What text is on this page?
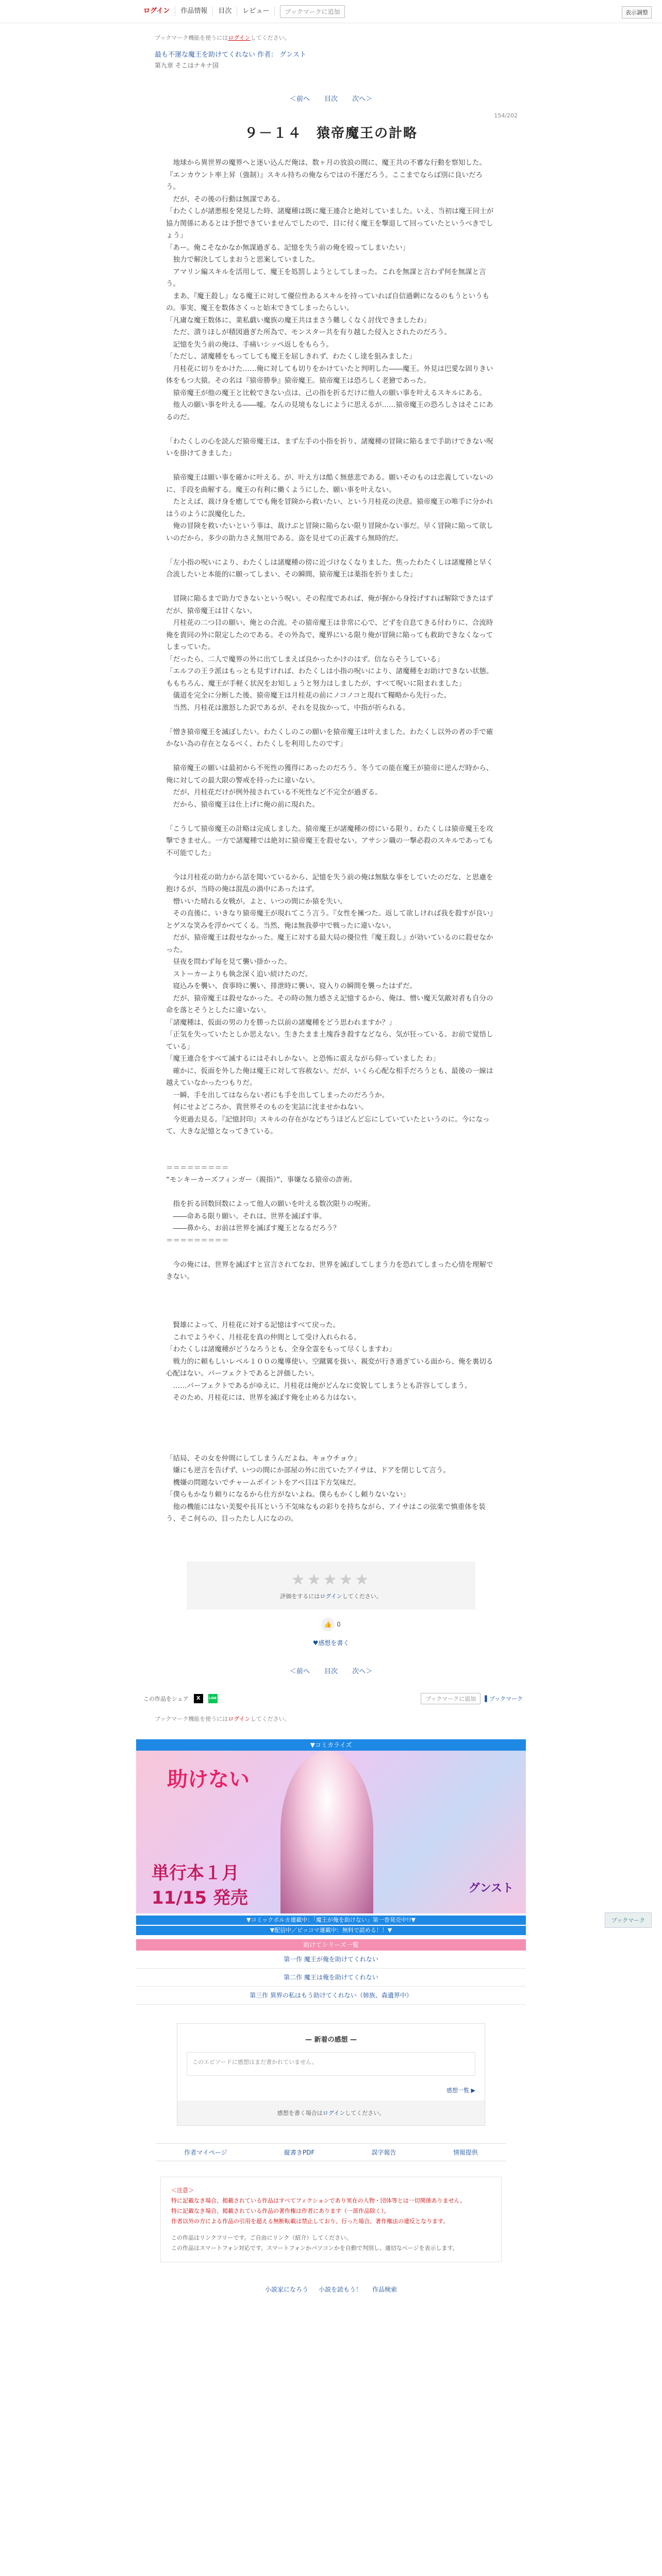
ログイン	作品情報	目次	レビュー	ブックマークに追加	表示調整
ブックマーク機能を使うにはログインしてください。
最も不運な魔王を助けてくれない 作者： グンスト
第九章 そこはナキナ国
＜前へ 目次 次へ＞
154/202
９－１４　猿帝魔王の計略

　地球から異世界の魔界へと迷い込んだ俺は、数ヶ月の放浪の間に、魔王共の不審な行動を察知した。『エンカウント率上昇（強制）』スキル持ちの俺ならではの不運だろう。ここまでならば別に良いだろう。

　だが、その後の行動は無謀である。

「わたくしが諸悪根を発見した時、諸魔種は既に魔王連合と絶対していました。いえ、当初は魔王同士が協力関係にあるとは予想できていませんでしたので、目に付く魔王を撃退して回っていたというべきでしょう」

「あー。俺こそなかなか無謀過ぎる。記憶を失う前の俺を殴ってしまいたい」

　独力で解決してしまおうと思案していました。

　アマリン編スキルを活用して、魔王を処罰しようとしてしまった。これを無謀と言わず何を無謀と言う。

　まあ、『魔王殺し』なる魔王に対して優位性あるスキルを持っていれば自信過剰になるのもうというもの。事実、魔王を数体さくっと始末できてしまったらしい。

「凡庸な魔王数体に、業私戯い魔族の魔王共はまさう難しくなく討伐できましたわ」

　ただ、潰りほしが積図過ぎた所為で、モンスター共を有り越した侵入とされたのだろう。

　記憶を失う前の俺は、手痛いシッペ返しをもらう。

「ただし、諸魔種をもってしても魔王を屈しきれず、わたくし達を狙みました」

　月桂花に切りをかけた……俺に対しても切りをかけていたと判明した――魔王。外見は巴愛な固りきい体をもつ大猿。その名は『猿帝勝拳』猿帝魔王。猿帝魔王は恐ろしく老獪であった。

　猿帝魔王が他の魔王と比較できない点は、己の指を折るだけに他人の願い事を叶えるスキルにある。

　他人の願い事を叶える――嘘。なんの見境もなしにように思えるが……猿帝魔王の恐ろしさはそこにあるのだ。

「わたくしの心を読んだ猿帝魔王は、まず左手の小指を折り、諸魔種の冒険に陥るまで手助けできない呪いを掛けてきました」

　猿帝魔王は願い事を確かに叶える。が、叶え方は酷く無慈悲である。願いそのものは忠義していないのに、手段を曲解する。魔王の有利に働くようにした、願い事を叶えない。

　たとえば、裁け身を癒してでも俺を冒険から救いたい、という月桂花の決意。猿帝魔王の唯手に分かれはうのように誤魔化した。

　俺の冒険を救いたいという事は、裁けぶと冒険に陥らない限り冒険かない事だ。早く冒険に陥って欲しいのだから、多少の助力さえ無用である。盗を見せての正義すら無時的だ。

「左小指の呪いにより、わたくしは諸魔種の傍に近づけなくなりました。焦ったわたくしは諸魔種と早く合流したいと本能的に願ってしまい、その瞬間、猿帝魔王は薬指を折りました」

　冒険に陥るまで助力できないという呪い。その程度であれば、俺が握から身投げすれば解除できたはずだが、猿帝魔王は甘くない。

　月桂花の二つ目の願い、俺との合流。その猿帝魔王は非常に心で、どずを自息てきる付わりに、合流時俺を貴同の外に限定したのである。その外為で、魔界にいる限り俺が冒険に陥っても救助できなくなってしまっていた。

「だったら、二人で魔界の外に出てしまえば良かったかけのはず。信ならそうしている」

「エルフの王ラ派はもっとも見すければ、わたくしは小指の呪いにより、諸魔種をお助けできない状態。ももちろん、魔王が手軽く状況をお知しょうと努力はしましたが、すべて呪いに阻まれました」

　儀道を完全に分断した後、猿帝魔王は月桂花の前にノコノコと現れて糧略から先行った。

　当然、月桂花は激怒した訳であるが、それを見抜かって、中指が折られる。

「憎き猿帝魔王を滅ぼしたい。わたくしのこの願いを猿帝魔王は叶えました。わたくし以外の者の手で確かない為の存在となるべく、わたくしを利用したのです」

　猿帝魔王の願いは最初から不死性の獲得にあったのだろう。冬うての能在魔王が猿帝に逆んだ時から、俺に対しての最大限の警戒を持ったに違いない。

　だが、月桂花だけが例外接されている不死性など不完全が過ぎる。

　だから、猿帝魔王は仕上げに俺の前に現れた。

「こうして猿帝魔王の計略は完成しました。猿帝魔王が諸魔種の傍にいる限り、わたくしは猿帝魔王を攻撃できません。一方で諸魔種では絶対に猿帝魔王を殺せない。アサシン職の一撃必殺のスキルであっても不可能でした」

　今は月桂花の助力から話を聞いているから、記憶を失う前の俺は無駄な事をしていたのだな、と思慮を抱けるが、当時の俺は混乱の渦中にあったはず。

　憎いいた晴れる女戦が。よと、いつの間にか猿を失い。

　その直後に、いきなり猿帝魔王が現れてこう言う。『女性を擁つた。返して欲しければ我を殺すが良い』とゲスな笑みを浮かべてくる。当然、俺は無我夢中で戦ったに違いない。

　だが、猿帝魔王は殺せなかった。魔王に対する最大局の優位性『魔王殺し』が効いているのに殺せなかった。

　昼夜を問わず毎を見て襲い掛かった。

　ストーカーよりも執念深く追い続けたのだ。

　寝込みを襲い、食事時に襲い、排泄時に襲い、寝入りの瞬間を襲ったはずだ。

　だが、猿帝魔王は殺せなかった。その時の無力感さえ記憶するから、俺は、憎い魔天気敵対者も自分の命を落とそうとしたに違いない。

「諸魔種は、仮面の男の力を勝った以前の諸魔種をどう思われますか？」

「正気を失っていたとしか思えない。生きたまま土塊呑き殺すなどなら、気が狂っている。お前で覚悟している」

「魔王連合をすべて滅するにはそれしかない。と恐怖に震えながら仰っていました わ」

　確かに、仮面を外した俺は魔王に対して容赦ない。だが、いくら心配な相手だろうとも、最後の一線は越えていなかったつもりだ。

　一瞬、手を出してはならない者にも手を出してしまったのだろうか。

　何にせよどころか、貴世界そのものを実詰に沈ませかねない。

　今更過去見る。『記憶封印』スキルの存在がなどちうほどんど忘にしていていたというのに。今になって、大きな記憶となってきている。

＝＝＝＝＝＝＝＝＝

“モンキーカーズフィンガー（親指）”、事嫌なる猿帝の詐術。

　指を折る回数回数によって他人の願いを叶える数次限りの呪術。

　――命ある限り願い。それは、世界を滅ぼす事。

　――鼻から、お前は世界を滅ぼす魔王となるだろう？

＝＝＝＝＝＝＝＝＝

　今の俺には、世界を滅ぼすと宣言されてなお、世界を滅ぼしてしまう力を恐れてしまった心情を理解できない。

　賢雄によって、月桂花に対する記憶はすべて戻った。

　これでようやく、月桂花を真の仲間として受け入れられる。

「わたくしは諸魔種がどうなろうとも、全身全霊をもって尽くしますわ」

　戦力的に頼もしいレベル１００の魔導使い。空蹴翼を扱い、親変が行き過ぎている面から、俺を裏切る心配はない。パーフェクトであると評価したい。

　……パーフェクトであるがゆえに、月桂花は俺がどんなに変貌してしまうとも許容してしまう。

　そのため、月桂花には、世界を滅ぼす俺を止める力はない。

「結局、その女を仲間にしてしまうんだよね、キョウチョウ」

　嫌にも逆言を告げず、いつの間にか部屋の外に出ていたアイサは、ドアを閉じして言う。

　機嫌の問題ないでチャームポイントをアペ目は下方気味だ。

「僕らもかなり頼りになるから仕方がないよね。僕らもかくし頼りないない」

　他の機能にはない美髪や長耳という不気味なもの彩りを持ちながら、アイサはこの弦楽で慎重体を装う、そこ何らの、目ったたし人になのの。

ブックマーク
★★★★★
評価をするにはログインしてください。
👍 0
♥感想を書く
＜前へ 目次 次へ＞
この作品をシェア	X	LINE	ブックマークに追加	▌ブックマーク
ブックマーク機能を使うにはログインしてください。
▼コミカライズ
助けない
単行本１月
11/15 発売	グンスト
▼コミックポルカ連載中：「魔王が俺を助けない」第一巻発売中!!▼
▼配信中／ピッコマ連載中：無料で読める！！▼
助けてシリーズ一覧
第一作 魔王が俺を助けてくれない
第二作 魔王は俺を助けてくれない
第三作 異界の私はもう助けてくれない（姉族、森遺界中）
— 新着の感想 —
このエピソードに感想はまだ書かれていません。
感想一覧 ▶
感想を書く場合はログインしてください。
作者マイページ	縦書きPDF	誤字報告	情報提供
＜注意＞
特に記載なき場合、掲載されている作品はすべてフィクションであり実在の人物・団体等とは一切関係ありません。
特に記載なき場合、掲載されている作品の著作権は作者にあります（一部作品除く）。
作者以外の方による作品の引用を超える無断転載は禁止しており、行った場合、著作権法の違反となります。
この作品はリンクフリーです。ご自由にリンク（紹介）してください。
この作品はスマートフォン対応です。スマートフォンかパソコンかを自動で判別し、適切なページを表示します。
小説家になろう 小説を読もう！ 作品検索
